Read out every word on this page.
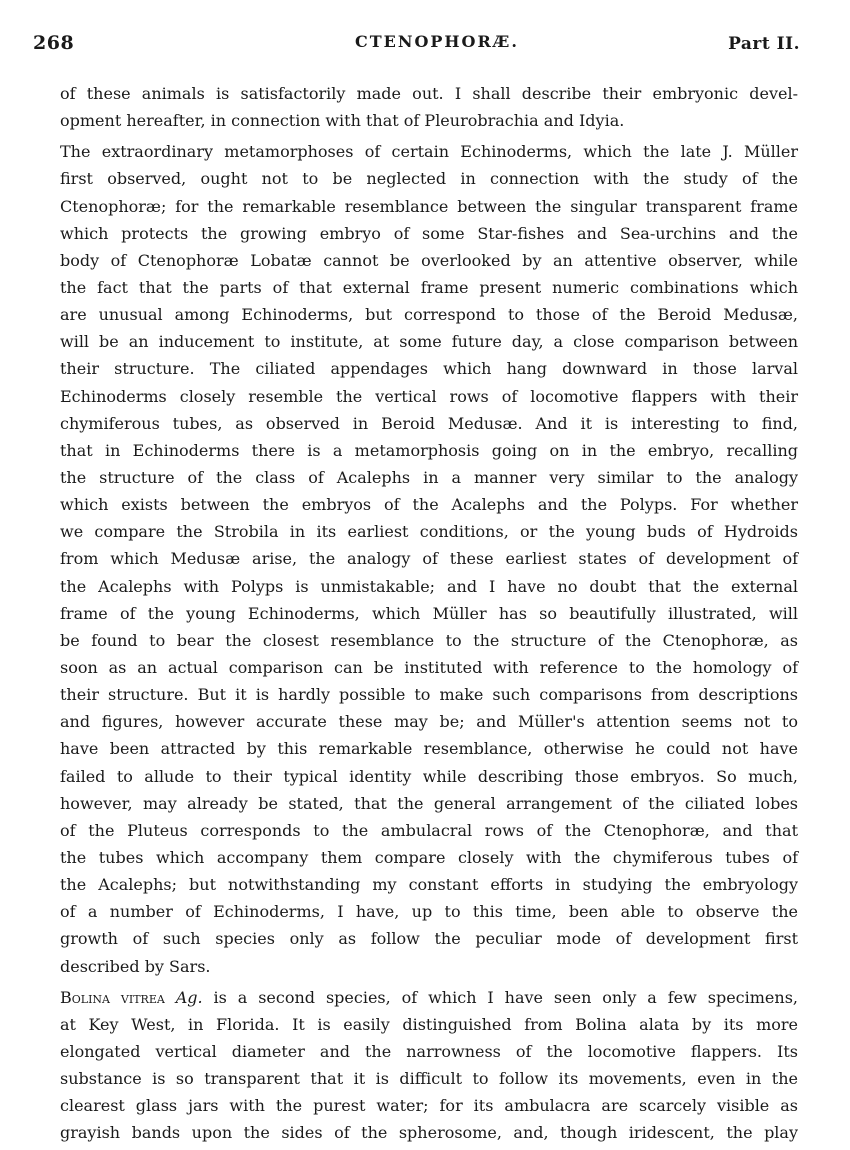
268	CTENOPHORÆ.	Part II.
of these animals is satisfactorily made out. I shall describe their embryonic devel-
opment hereafter, in connection with that of Pleurobrachia and Idyia.
The extraordinary metamorphoses of certain Echinoderms, which the late J. Müller
first observed, ought not to be neglected in connection with the study of the
Ctenophoræ; for the remarkable resemblance between the singular transparent frame
which protects the growing embryo of some Star-fishes and Sea-urchins and the
body of Ctenophoræ Lobatæ cannot be overlooked by an attentive observer, while
the fact that the parts of that external frame present numeric combinations which
are unusual among Echinoderms, but correspond to those of the Beroid Medusæ,
will be an inducement to institute, at some future day, a close comparison between
their structure. The ciliated appendages which hang downward in those larval
Echinoderms closely resemble the vertical rows of locomotive flappers with their
chymiferous tubes, as observed in Beroid Medusæ. And it is interesting to find,
that in Echinoderms there is a metamorphosis going on in the embryo, recalling
the structure of the class of Acalephs in a manner very similar to the analogy
which exists between the embryos of the Acalephs and the Polyps. For whether
we compare the Strobila in its earliest conditions, or the young buds of Hydroids
from which Medusæ arise, the analogy of these earliest states of development of
the Acalephs with Polyps is unmistakable; and I have no doubt that the external
frame of the young Echinoderms, which Müller has so beautifully illustrated, will
be found to bear the closest resemblance to the structure of the Ctenophoræ, as
soon as an actual comparison can be instituted with reference to the homology of
their structure. But it is hardly possible to make such comparisons from descriptions
and figures, however accurate these may be; and Müller's attention seems not to
have been attracted by this remarkable resemblance, otherwise he could not have
failed to allude to their typical identity while describing those embryos. So much,
however, may already be stated, that the general arrangement of the ciliated lobes
of the Pluteus corresponds to the ambulacral rows of the Ctenophoræ, and that
the tubes which accompany them compare closely with the chymiferous tubes of
the Acalephs; but notwithstanding my constant efforts in studying the embryology
of a number of Echinoderms, I have, up to this time, been able to observe the
growth of such species only as follow the peculiar mode of development first
described by Sars.
Bolina vitrea Ag. is a second species, of which I have seen only a few specimens,
at Key West, in Florida. It is easily distinguished from Bolina alata by its more
elongated vertical diameter and the narrowness of the locomotive flappers. Its
substance is so transparent that it is difficult to follow its movements, even in the
clearest glass jars with the purest water; for its ambulacra are scarcely visible as
grayish bands upon the sides of the spherosome, and, though iridescent, the play
